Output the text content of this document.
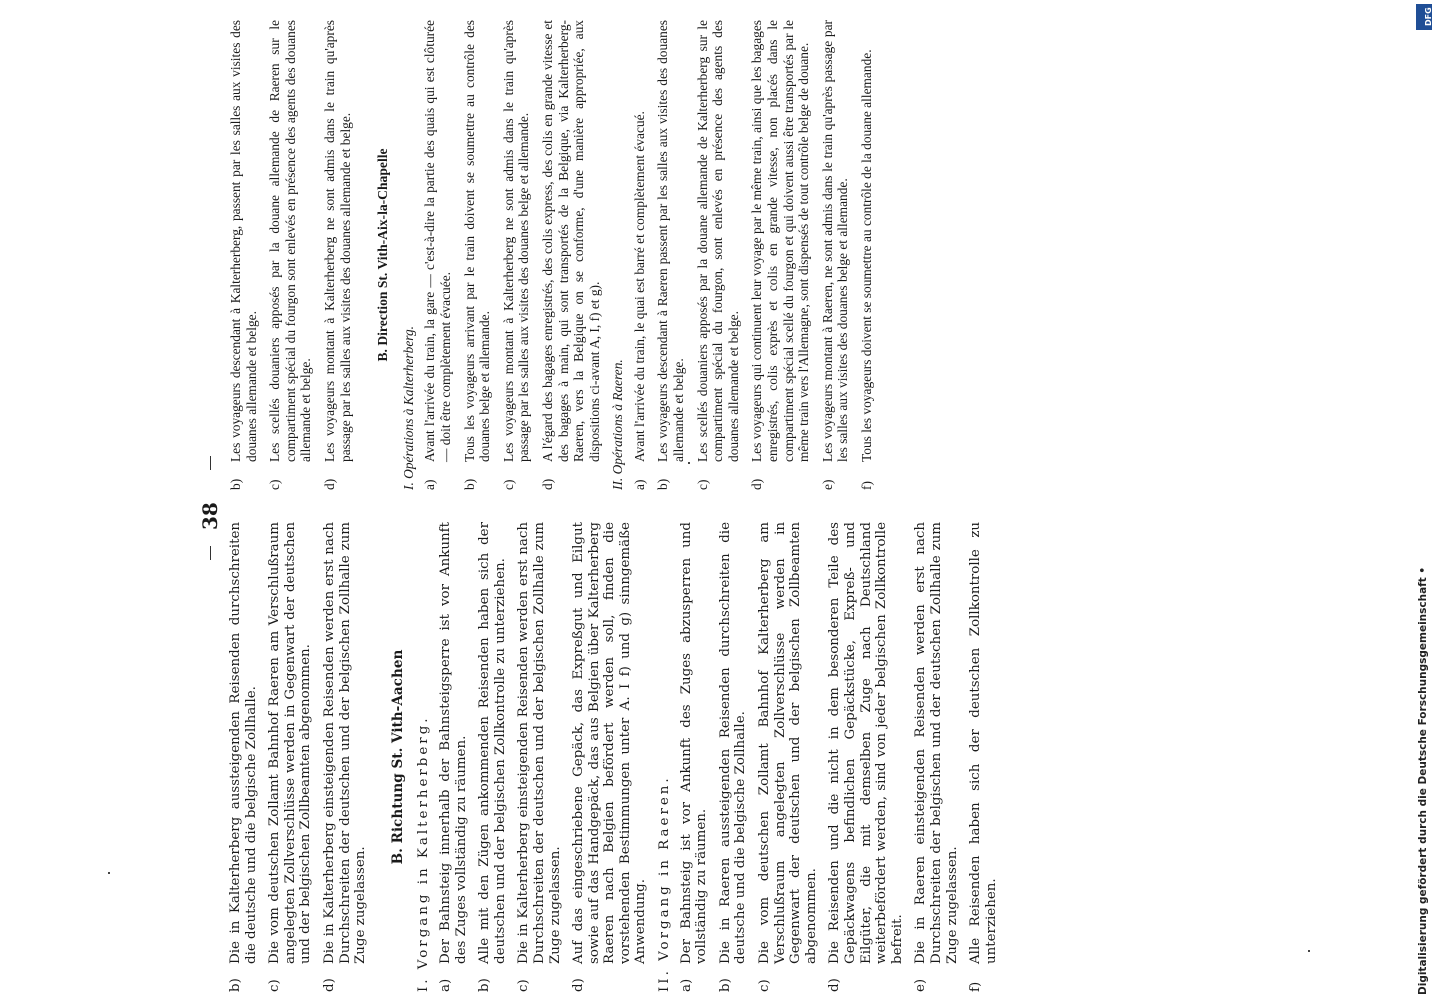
38
b)
Die in Kalterherberg aussteigenden Reisenden durchschreiten die deutsche und die belgische Zollhalle.
c)
Die vom deutschen Zollamt Bahnhof Raeren am Verschlußraum angelegten Zollverschlüsse werden in Gegenwart der deutschen und der belgischen Zollbeamten abgenommen.
d)
Die in Kalterherberg einsteigenden Reisenden werden erst nach Durchschreiten der deutschen und der belgischen Zollhalle zum Zuge zugelassen.
B. Richtung St. Vith-Aachen I. Vorgang in Kalterherberg. a)
Der Bahnsteig innerhalb der Bahnsteigsperre ist vor Ankunft des Zuges vollständig zu räumen.
b)
Alle mit den Zügen ankommenden Reisenden haben sich der deutschen und der belgischen Zollkontrolle zu unterziehen.
c)
Die in Kalterherberg einsteigenden Reisenden werden erst nach Durchschreiten der deutschen und der belgischen Zollhalle zum Zuge zugelassen.
d)
Auf das eingeschriebene Gepäck, das Expreßgut und Eilgut sowie auf das Handgepäck, das aus Belgien über Kalterherberg Raeren nach Belgien befördert werden soll, finden die vorstehenden Bestimmungen unter A. I f) und g) sinngemäße Anwendung. II. Vorgang in Raeren. a)
Der Bahnsteig ist vor Ankunft des Zuges abzusperren und vollständig zu räumen.
b)
Die in Raeren aussteigenden Reisenden durchschreiten die deutsche und die belgische Zollhalle.
c)
Die vom deutschen Zollamt Bahnhof Kalterherberg am Verschlußraum angelegten Zollverschlüsse werden in Gegenwart der deutschen und der belgischen Zollbeamten abgenommen.
d)
Die Reisenden und die nicht in dem besonderen Teile des Gepäckwagens befindlichen Gepäckstücke, Expreß- und Eilgüter, die mit demselben Zuge nach Deutschland weiterbefördert werden, sind von jeder belgischen Zollkontrolle befreit.
e)
Die in Raeren einsteigenden Reisenden werden erst nach Durchschreiten der belgischen und der deutschen Zollhalle zum Zuge zugelassen.
f)
Alle Reisenden haben sich der deutschen Zollkontrolle zu unterziehen.
b)
Les voyageurs descendant à Kalterherberg, passent par les salles aux visites des douanes allemande et belge.
c)
Les scellés douaniers apposés par la douane allemande de Raeren sur le compartiment spécial du fourgon sont enlevés en présence des agents des douanes allemande et belge.
d)
Les voyageurs montant à Kalterherberg ne sont admis dans le train qu'après passage par les salles aux visites des douanes allemande et belge. B. Direction St. Vith-Aix-la-Chapelle
I. Opérations à Kalterherberg. a)
Avant l'arrivée du train, la gare — c'est-à-dire la partie des quais qui est clôturée — doit être complètement évacuée.
b)
Tous les voyageurs arrivant par le train doivent se soumettre au contrôle des douanes belge et allemande.
c)
Les voyageurs montant à Kalterherberg ne sont admis dans le train qu'après passage par les salles aux visites des douanes belge et allemande.
d)
A l'égard des bagages enregistrés, des colis express, des colis en grande vitesse et des bagages à main, qui sont transportés de la Belgique, via Kalterherberg-Raeren, vers la Belgique on se conforme, d'une manière appropriée, aux dispositions ci-avant A, I, f) et g). II. Opérations à Raeren. a)
Avant l'arrivée du train, le quai est barré et complètement évacué.
b)
Les voyageurs descendant à Raeren passent par les salles aux visites des douanes allemande et belge.
c)
Les scellés douaniers apposés par la douane allemande de Kalterherberg sur le compartiment spécial du fourgon, sont enlevés en présence des agents des douanes allemande et belge.
d)
Les voyageurs qui continuent leur voyage par le même train, ainsi que les bagages enregistrés, colis exprès et colis en grande vitesse, non placés dans le compartiment spécial scellé du fourgon et qui doivent aussi être transportés par le même train vers l'Allemagne, sont dispensés de tout contrôle belge de douane.
e)
Les voyageurs montant à Raeren, ne sont admis dans le train qu'après passage par les salles aux visites des douanes belge et allemande.
f)
Tous les voyageurs doivent se soumettre au contrôle de la douane allemande.
Digitalisierung gefördert durch die Deutsche Forschungsgemeinschaft •
DFG
